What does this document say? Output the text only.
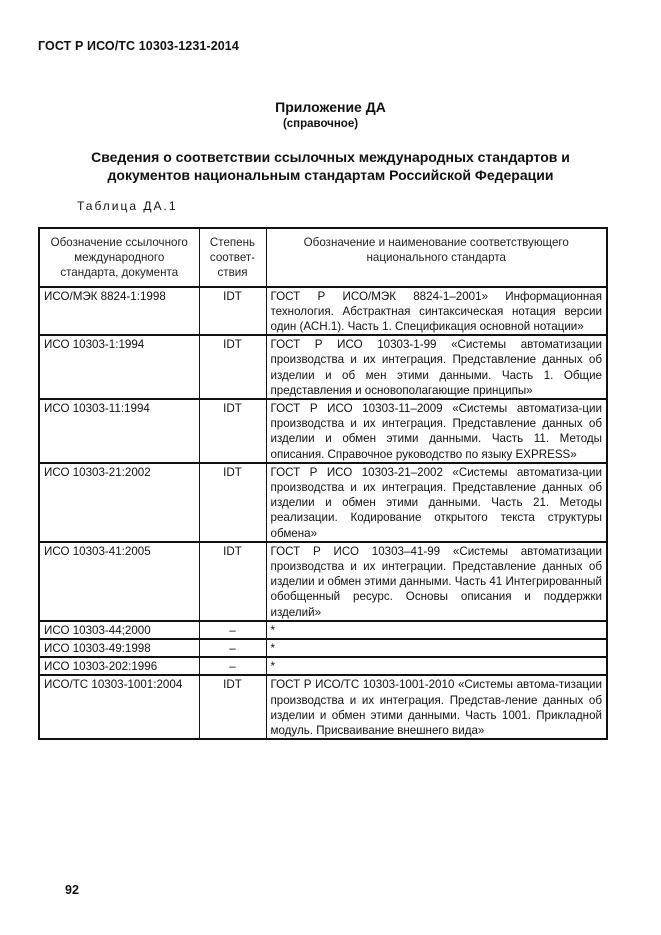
ГОСТ Р ИСО/ТС 10303-1231-2014
Приложение ДА
(справочное)
Сведения о соответствии ссылочных международных стандартов и
документов национальным стандартам Российской Федерации
Таблица ДА.1
Обозначение ссылочного международного стандарта, документа	Степень соответ-ствия	Обозначение и наименование соответствующего национального стандарта
ИСО/МЭК 8824-1:1998	IDT	ГОСТ Р ИСО/МЭК 8824-1–2001» Информационная технология. Абстрактная синтаксическая нотация версии один (АСН.1). Часть 1. Спецификация основной нотации»
ИСО 10303-1:1994	IDT	ГОСТ Р ИСО 10303-1-99 «Системы автоматизации производства и их интеграция. Представление данных об изделии и об мен этими данными. Часть 1. Общие представления и основополагающие принципы»
ИСО 10303-11:1994	IDT	ГОСТ Р ИСО 10303-11–2009 «Системы автоматиза-ции производства и их интеграция. Представление данных об изделии и обмен этими данными. Часть 11. Методы описания. Справочное руководство по языку EXPRESS»
ИСО 10303-21:2002	IDT	ГОСТ Р ИСО 10303-21–2002 «Системы автоматиза-ции производства и их интеграция. Представление данных об изделии и обмен этими данными. Часть 21. Методы реализации. Кодирование открытого текста структуры обмена»
ИСО 10303-41:2005	IDT	ГОСТ Р ИСО 10303–41-99 «Системы автоматизации производства и их интеграции. Представление данных об изделии и обмен этими данными. Часть 41 Интегрированный обобщенный ресурс. Основы описания и поддержки изделий»
ИСО 10303-44;2000	–	*
ИСО 10303-49:1998	–	*
ИСО 10303-202:1996	–	*
ИСО/ТС 10303-1001:2004	IDT	ГОСТ Р ИСО/ТС 10303-1001-2010 «Системы автома-тизации производства и их интеграция. Представ-ление данных об изделии и обмен этими данными. Часть 1001. Прикладной модуль. Присваивание внешнего вида»
92
